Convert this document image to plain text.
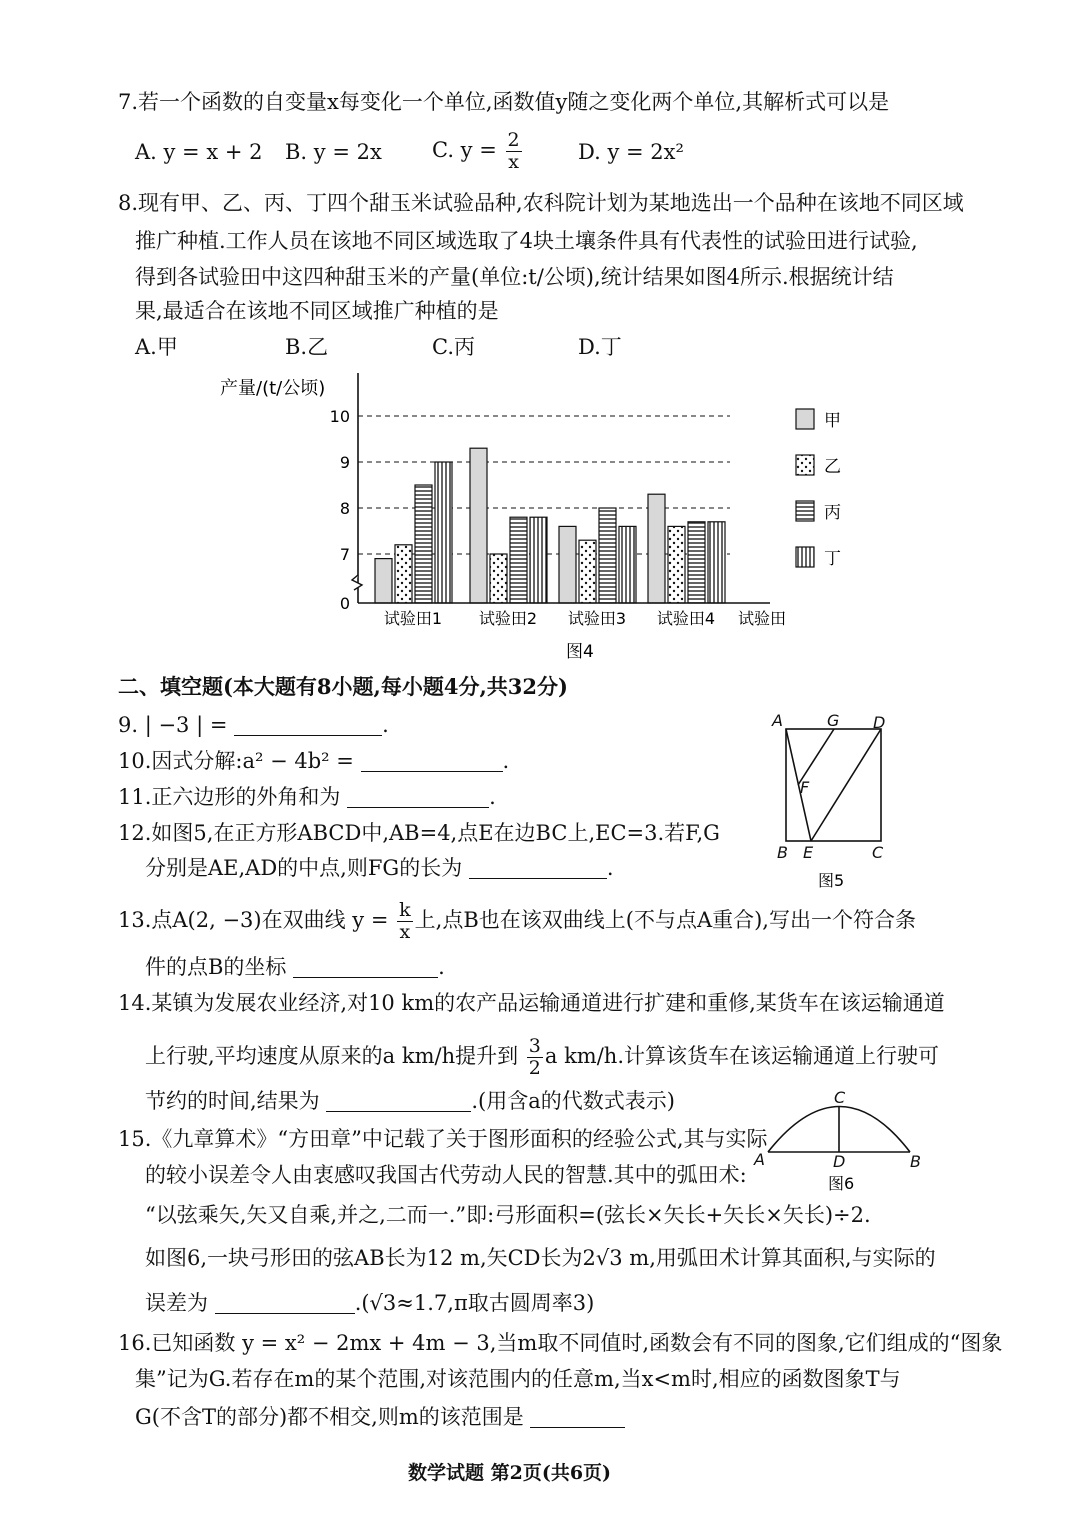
7.若一个函数的自变量x每变化一个单位,函数值y随之变化两个单位,其解析式可以是
A. y = x + 2 B. y = 2x C. $y = \frac{2}{x}$	D. y = 2x²
8.现有甲、乙、丙、丁四个甜玉米试验品种,农科院计划为某地选出一个品种在该地不同区域
推广种植.工作人员在该地不同区域选取了4块土壤条件具有代表性的试验田进行试验,
得到各试验田中这四种甜玉米的产量(单位:t/公顷),统计结果如图4所示.根据统计结
果,最适合在该地不同区域推广种植的是
A.甲	B.乙	C.丙	D.丁
产量/(t/公顷)
0
7
8
9
10
试验田1 试验田2 试验田3 试验田4 试验田
甲
乙
丙
丁
图4
二、填空题(本大题有8小题,每小题4分,共32分)
9. | −3 | =	.
10.因式分解:a² − 4b² =	.
11.正六边形的外角和为	.
12.如图5,在正方形ABCD中,AB=4,点E在边BC上,EC=3.若F,G
分别是AE,AD的中点,则FG的长为	.
A	G D
F
B E	C
图5
13.点A(2, −3)在双曲线 $y = \frac{k}{x}$ 上,点B也在该双曲线上(不与点A重合),写出一个符合条
件的点B的坐标	.
14.某镇为发展农业经济,对10 km的农产品运输通道进行扩建和重修,某货车在该运输通道
上行驶,平均速度从原来的a km/h提升到 $\frac{3}{2}$ a km/h.计算该货车在该运输通道上行驶可
节约的时间,结果为	.(用含a的代数式表示)
15.《九章算术》“方田章”中记载了关于图形面积的经验公式,其与实际
的较小误差令人由衷感叹我国古代劳动人民的智慧.其中的弧田术:
“以弦乘矢,矢又自乘,并之,二而一.”即:弓形面积=(弦长×矢长+矢长×矢长)÷2.
如图6,一块弓形田的弦AB长为12 m,矢CD长为2√3 m,用弧田术计算其面积,与实际的
误差为	.(√3≈1.7,π取古圆周率3)
C
A	D	B
图6
16.已知函数 y = x² − 2mx + 4m − 3,当m取不同值时,函数会有不同的图象,它们组成的“图象
集”记为G.若存在m的某个范围,对该范围内的任意m,当x<m时,相应的函数图象T与
G(不含T的部分)都不相交,则m的该范围是
数学试题 第2页(共6页)
